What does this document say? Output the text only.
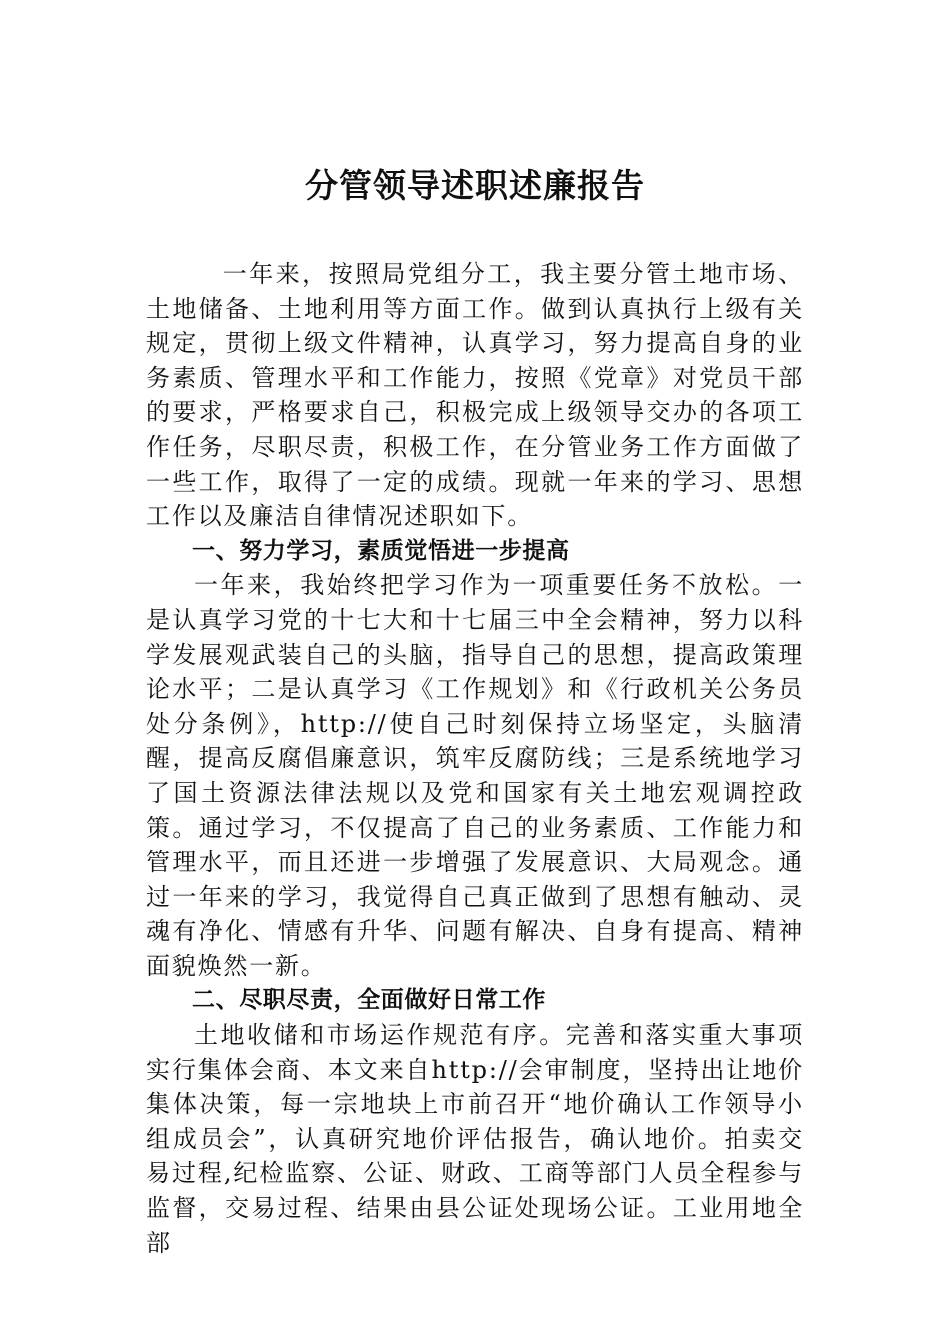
分管领导述职述廉报告

一年来，按照局党组分工，我主要分管土地市场、土地储备、土地利用等方面工作。做到认真执行上级有关规定，贯彻上级文件精神，认真学习，努力提高自身的业务素质、管理水平和工作能力，按照《党章》对党员干部的要求，严格要求自己，积极完成上级领导交办的各项工作任务，尽职尽责，积极工作，在分管业务工作方面做了一些工作，取得了一定的成绩。现就一年来的学习、思想工作以及廉洁自律情况述职如下。

一、努力学习，素质觉悟进一步提高

一年来，我始终把学习作为一项重要任务不放松。一是认真学习党的十七大和十七届三中全会精神，努力以科学发展观武装自己的头脑，指导自己的思想，提高政策理论水平；二是认真学习《工作规划》和《行政机关公务员处分条例》，http://使自己时刻保持立场坚定，头脑清醒，提高反腐倡廉意识，筑牢反腐防线；三是系统地学习了国土资源法律法规以及党和国家有关土地宏观调控政策。通过学习，不仅提高了自己的业务素质、工作能力和管理水平，而且还进一步增强了发展意识、大局观念。通过一年来的学习，我觉得自己真正做到了思想有触动、灵魂有净化、情感有升华、问题有解决、自身有提高、精神面貌焕然一新。

二、尽职尽责，全面做好日常工作

土地收储和市场运作规范有序。完善和落实重大事项实行集体会商、本文来自http://会审制度，坚持出让地价集体决策，每一宗地块上市前召开“地价确认工作领导小组成员会”，认真研究地价评估报告，确认地价。拍卖交易过程,纪检监察、公证、财政、工商等部门人员全程参与监督，交易过程、结果由县公证处现场公证。工业用地全部
